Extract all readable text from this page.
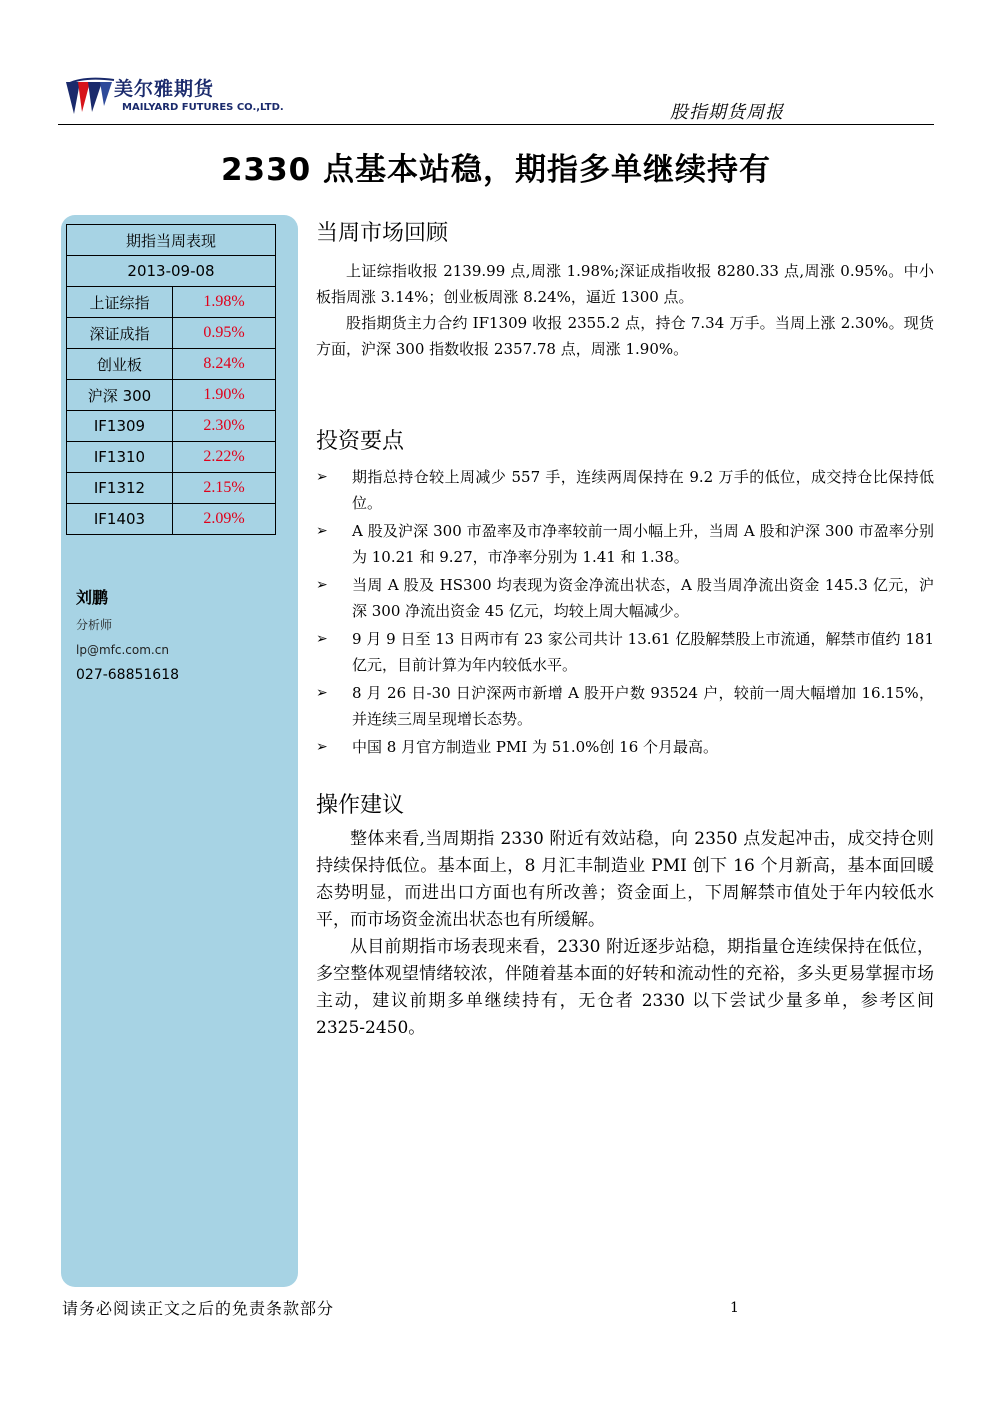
美尔雅期货
MAILYARD FUTURES CO.,LTD.	股指期货周报
2330 点基本站稳，期指多单继续持有
期指当周表现	
2013-09-08	
上证综指	1.98%
深证成指	0.95%
创业板	8.24%
沪深 300	1.90%
IF1309	2.30%
IF1310	2.22%
IF1312	2.15%
IF1403	2.09%
刘鹏
分析师
lp@mfc.com.cn
027-68851618
当周市场回顾

上证综指收报 2139.99 点,周涨 1.98%;深证成指收报 8280.33 点,周涨 0.95%。中小板指周涨 3.14%；创业板周涨 8.24%，逼近 1300 点。

股指期货主力合约 IF1309 收报 2355.2 点，持仓 7.34 万手。当周上涨 2.30%。现货方面，沪深 300 指数收报 2357.78 点，周涨 1.90%。

投资要点
➢ 期指总持仓较上周减少 557 手，连续两周保持在 9.2 万手的低位，成交持仓比保持低位。
➢ A 股及沪深 300 市盈率及市净率较前一周小幅上升，当周 A 股和沪深 300 市盈率分别为 10.21 和 9.27，市净率分别为 1.41 和 1.38。
➢ 当周 A 股及 HS300 均表现为资金净流出状态，A 股当周净流出资金 145.3 亿元，沪深 300 净流出资金 45 亿元，均较上周大幅减少。
➢ 9 月 9 日至 13 日两市有 23 家公司共计 13.61 亿股解禁股上市流通，解禁市值约 181 亿元，目前计算为年内较低水平。
➢ 8 月 26 日-30 日沪深两市新增 A 股开户数 93524 户，较前一周大幅增加 16.15%，并连续三周呈现增长态势。
➢ 中国 8 月官方制造业 PMI 为 51.0%创 16 个月最高。
操作建议

整体来看,当周期指 2330 附近有效站稳，向 2350 点发起冲击，成交持仓则持续保持低位。基本面上，8 月汇丰制造业 PMI 创下 16 个月新高，基本面回暖态势明显，而进出口方面也有所改善；资金面上，下周解禁市值处于年内较低水平，而市场资金流出状态也有所缓解。

从目前期指市场表现来看，2330 附近逐步站稳，期指量仓连续保持在低位，多空整体观望情绪较浓，伴随着基本面的好转和流动性的充裕，多头更易掌握市场主动，建议前期多单继续持有，无仓者 2330 以下尝试少量多单，参考区间 2325-2450。

请务必阅读正文之后的免责条款部分	1
